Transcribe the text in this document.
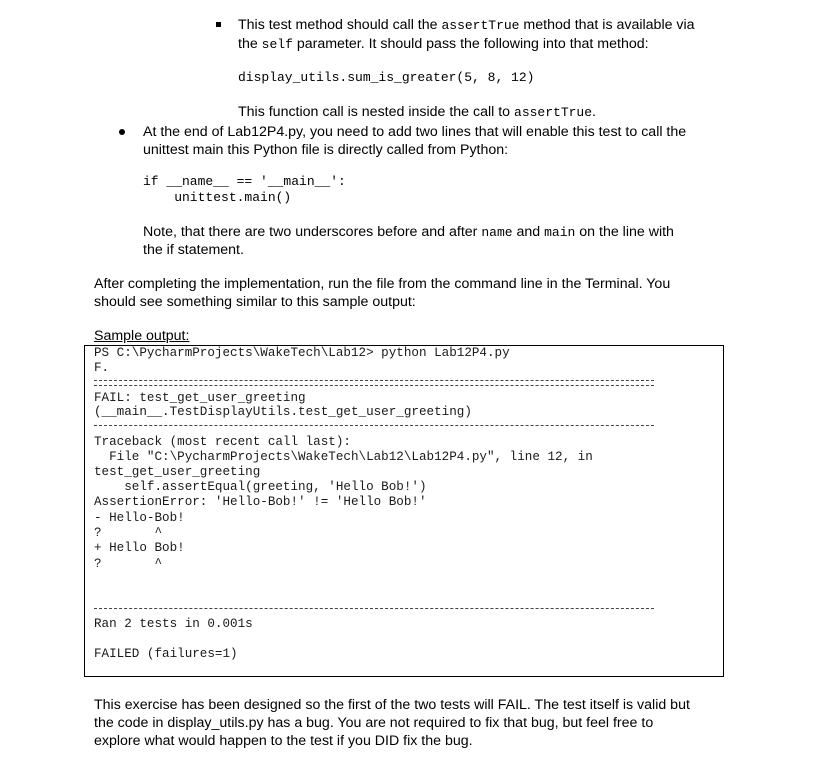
This test method should call the assertTrue method that is available via
the self parameter. It should pass the following into that method:
display_utils.sum_is_greater(5, 8, 12)
This function call is nested inside the call to assertTrue.
At the end of Lab12P4.py, you need to add two lines that will enable this test to call the
unittest main this Python file is directly called from Python:
if __name__ == '__main__':
unittest.main()
Note, that there are two underscores before and after name and main on the line with
the if statement.
After completing the implementation, run the file from the command line in the Terminal. You
should see something similar to this sample output:
Sample output:
PS C:\PycharmProjects\WakeTech\Lab12> python Lab12P4.py
F.
FAIL: test_get_user_greeting
(__main__.TestDisplayUtils.test_get_user_greeting)
Traceback (most recent call last):
File "C:\PycharmProjects\WakeTech\Lab12\Lab12P4.py", line 12, in
test_get_user_greeting
self.assertEqual(greeting, 'Hello Bob!')
AssertionError: 'Hello-Bob!' != 'Hello Bob!'
- Hello-Bob!
?       ^
+ Hello Bob!
?       ^
Ran 2 tests in 0.001s
FAILED (failures=1)
This exercise has been designed so the first of the two tests will FAIL. The test itself is valid but
the code in display_utils.py has a bug. You are not required to fix that bug, but feel free to
explore what would happen to the test if you DID fix the bug.
